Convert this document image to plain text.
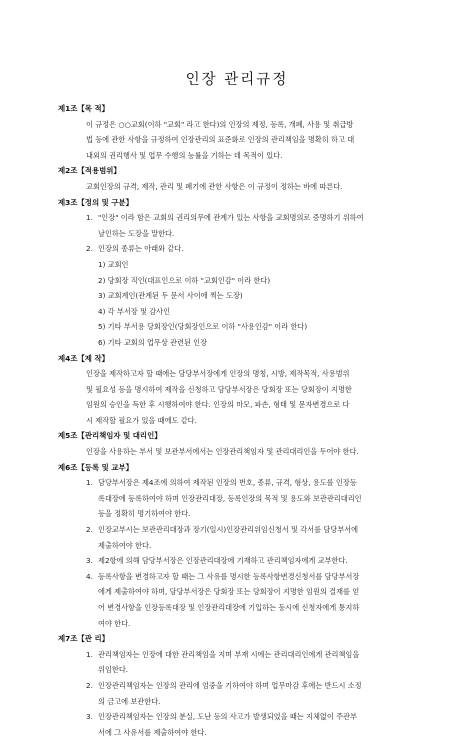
인장 관리규정
제1조【목 적】
이 규정은 ○○교회(이하 "교회" 라고 한다)의 인장의 제정, 등록, 개폐, 사용 및 취급방
법 등에 관한 사항을 규정하여 인장관리의 표준화로 인장의 관리책임을 명확히 하고 대
내외의 권리행사 및 업무 수행의 능률을 기하는 데 목적이 있다.
제2조【적용범위】
교회인장의 규격, 제작, 관리 및 폐기에 관한 사항은 이 규정이 정하는 바에 따른다.
제3조【정의 및 구분】
1. "인장" 이라 함은 교회의 권리의무에 관계가 있는 사항을 교회명의로 증명하기 위하여
날인하는 도장을 말한다.
2. 인장의 종류는 아래와 같다.
1) 교회인
2) 당회장 직인(대표인으로 이하 "교회인감" 이라 한다)
3) 교회계인(관계된 두 문서 사이에 찍는 도장)
4) 각 부서장 및 감사인
5) 기타 부서용 당회장인(당회장인으로 이하 "사용인감" 이라 한다)
6) 기타 교회의 업무상 관련된 인장
제4조【제 작】
인장을 제작하고자 할 때에는 담당부서장에게 인장의 명칭, 시방, 제작목적, 사용범위
및 필요성 등을 명시하여 제작을 신청하고 담당부서장은 당회장 또는 당회장이 지명한
임원의 승인을 득한 후 시행하여야 한다. 인장의 마모, 파손, 형태 및 문자변경으로 다
시 제작할 필요가 있을 때에도 같다.
제5조【관리책임자 및 대리인】
인장을 사용하는 부서 및 보관부서에서는 인장관리책임자 및 관리대리인을 두어야 한다.
제6조【등록 및 교부】
1. 담당부서장은 제4조에 의하여 제작된 인장의 번호, 종류, 규격, 형상, 용도를 인장등
록대장에 등록하여야 하며 인장관리대장, 등록인장의 목적 및 용도와 보관관리대리인
등을 정확히 명기하여야 한다.
2. 인장교부시는 보관관리대장과 장기(일시)인장관리위임신청서 및 각서를 담당부서에
제출하여야 한다.
3. 제2항에 의해 담당부서장은 인장관리대장에 기재하고 관리책임자에게 교부한다.
4. 등록사항을 변경하고자 할 때는 그 사유를 명시한 등록사항변경신청서를 담당부서장
에게 제출하여야 하며, 담당부서장은 당회장 또는 당회장이 지명한 임원의 결재를 얻
어 변경사항을 인장등록대장 및 인장관리대장에 기입하는 동시에 신청자에게 통지하
여야 한다.
제7조【관 리】
1. 관리책임자는 인장에 대한 관리책임을 지며 부재 시에는 관리대리인에게 관리책임을
위임한다.
2. 인장관리책임자는 인장의 관리에 엄중을 기하여야 하며 업무마감 후에는 반드시 소정
의 금고에 보관한다.
3. 인장관리책임자는 인장의 분실, 도난 등의 사고가 발생되었을 때는 지체없이 주관부
서에 그 사유서를 제출하여야 한다.
